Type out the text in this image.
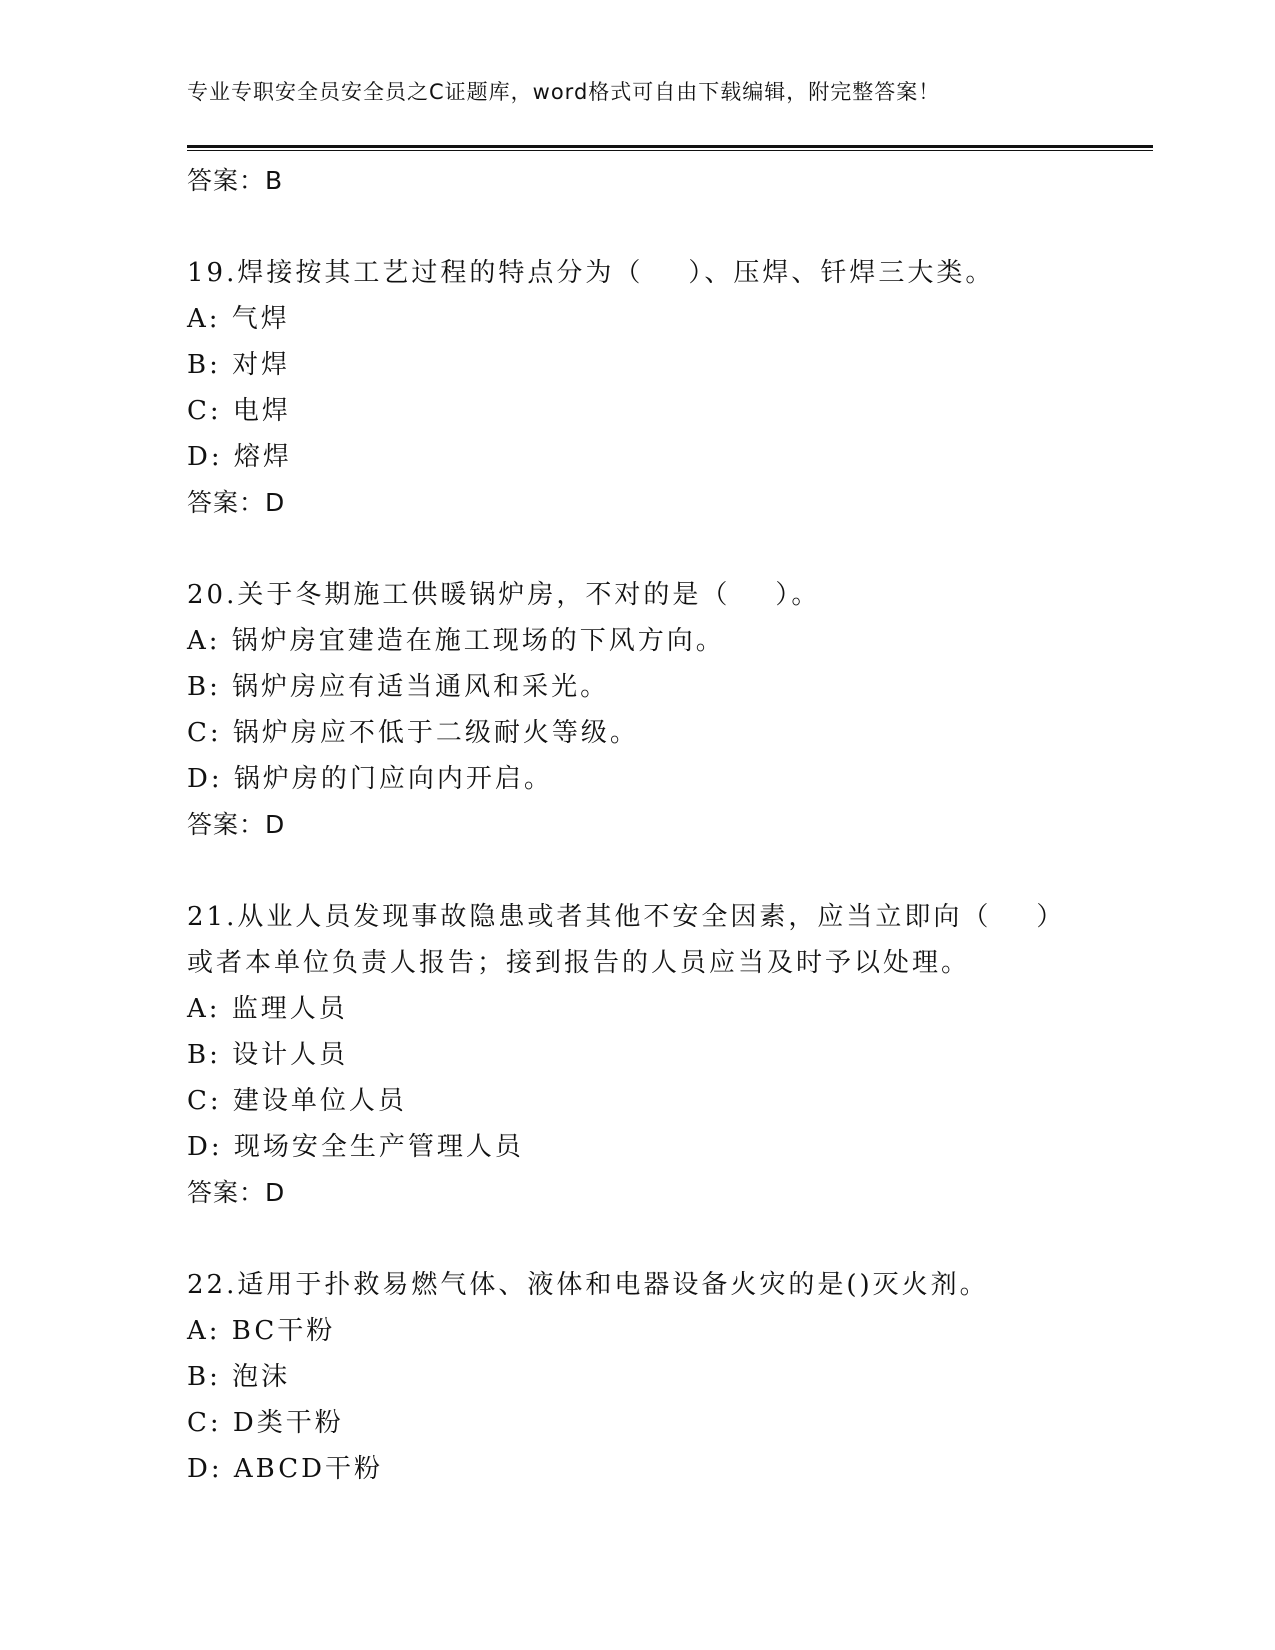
专业专职安全员安全员之C证题库，word格式可自由下载编辑，附完整答案！
答案：B
19.焊接按其工艺过程的特点分为（    ）、压焊、钎焊三大类。
A: 气焊
B: 对焊
C: 电焊
D: 熔焊
答案：D
20.关于冬期施工供暖锅炉房，不对的是（    ）。
A: 锅炉房宜建造在施工现场的下风方向。
B: 锅炉房应有适当通风和采光。
C: 锅炉房应不低于二级耐火等级。
D: 锅炉房的门应向内开启。
答案：D
21.从业人员发现事故隐患或者其他不安全因素，应当立即向（    ）
或者本单位负责人报告；接到报告的人员应当及时予以处理。
A: 监理人员
B: 设计人员
C: 建设单位人员
D: 现场安全生产管理人员
答案：D
22.适用于扑救易燃气体、液体和电器设备火灾的是()灭火剂。
A: BC干粉
B: 泡沫
C: D类干粉
D: ABCD干粉
